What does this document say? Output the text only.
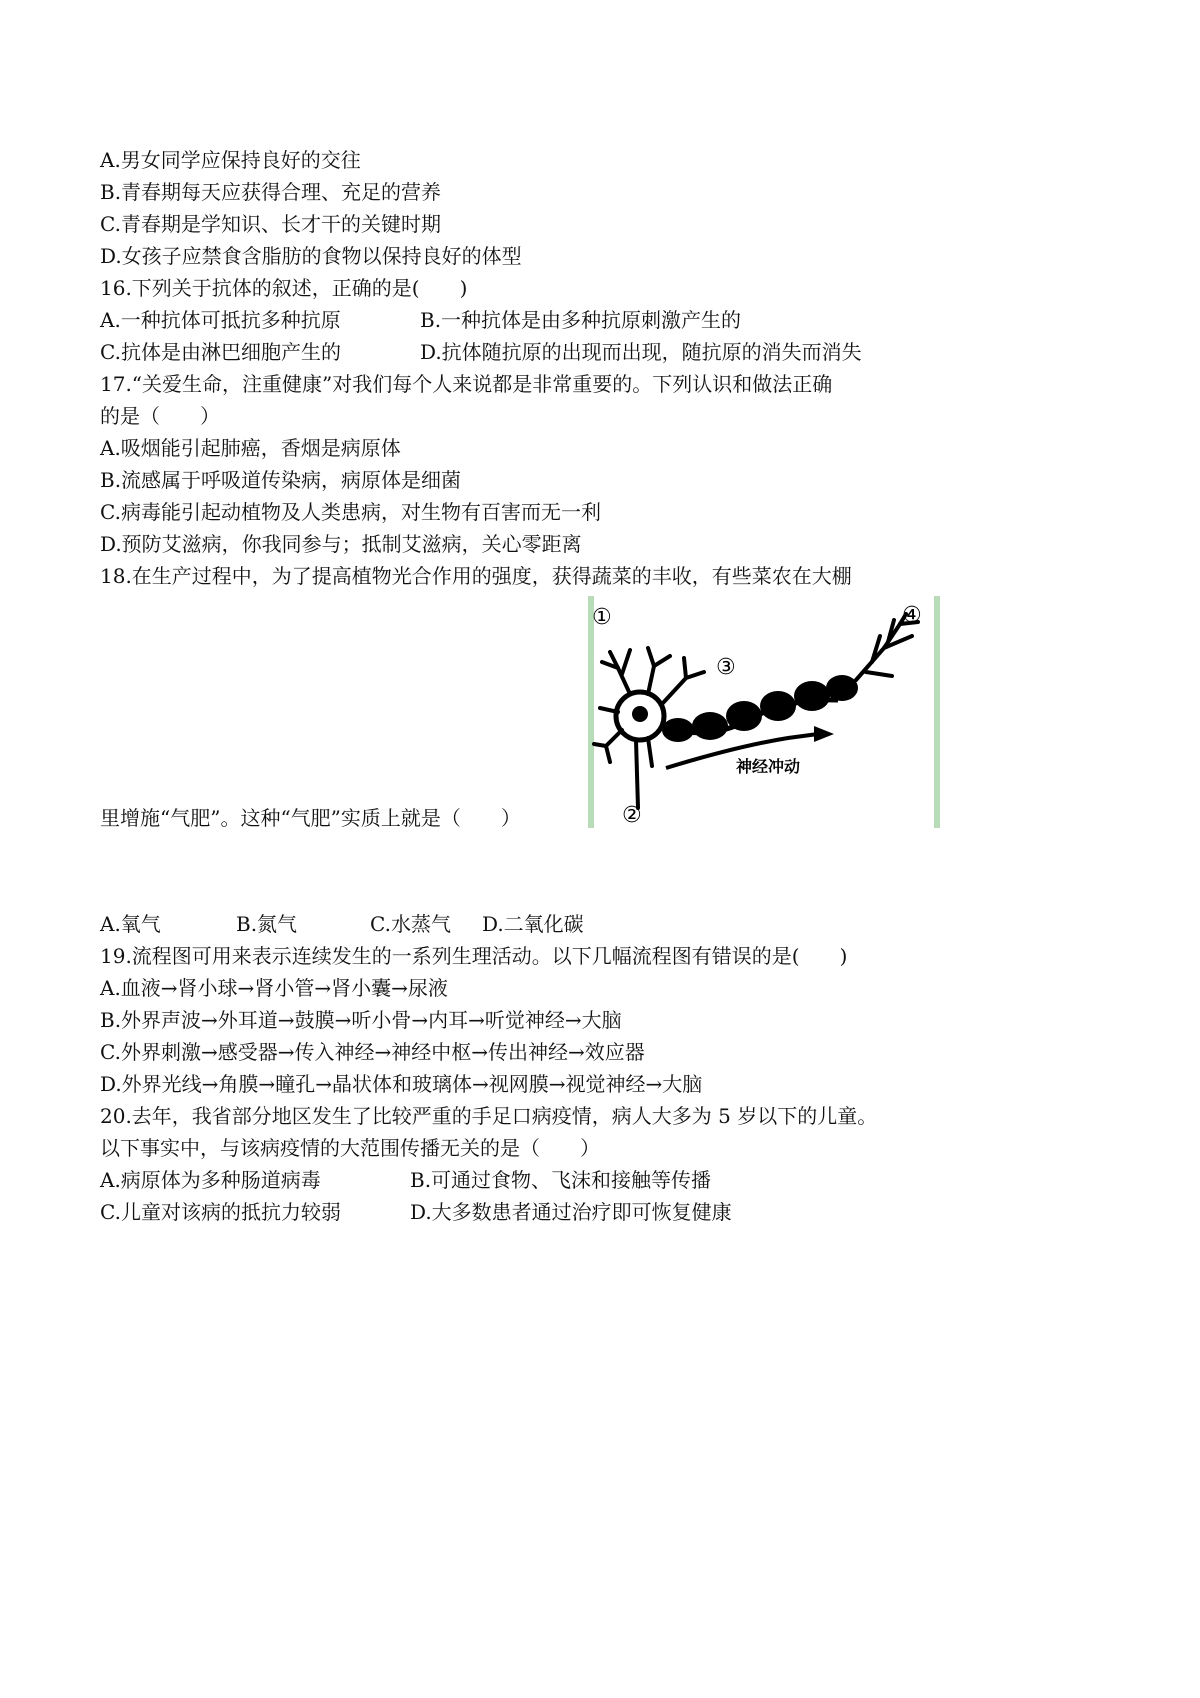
A.男女同学应保持良好的交往
B.青春期每天应获得合理、充足的营养
C.青春期是学知识、长才干的关键时期
D.女孩子应禁食含脂肪的食物以保持良好的体型
16.下列关于抗体的叙述，正确的是(　　)
A.一种抗体可抵抗多种抗原	B.一种抗体是由多种抗原刺激产生的
C.抗体是由淋巴细胞产生的	D.抗体随抗原的出现而出现，随抗原的消失而消失
17.“关爱生命，注重健康”对我们每个人来说都是非常重要的。下列认识和做法正确
的是（　　）
A.吸烟能引起肺癌，香烟是病原体
B.流感属于呼吸道传染病，病原体是细菌
C.病毒能引起动植物及人类患病，对生物有百害而无一利
D.预防艾滋病，你我同参与；抵制艾滋病，关心零距离
18.在生产过程中，为了提高植物光合作用的强度，获得蔬菜的丰收，有些菜农在大棚
里增施“气肥”。这种“气肥”实质上就是（　　）
①
②
③
④
神经冲动
A.氧气	B.氮气	C.水蒸气 D.二氧化碳
19.流程图可用来表示连续发生的一系列生理活动。以下几幅流程图有错误的是(　　)
A.血液→肾小球→肾小管→肾小囊→尿液
B.外界声波→外耳道→鼓膜→听小骨→内耳→听觉神经→大脑
C.外界刺激→感受器→传入神经→神经中枢→传出神经→效应器
D.外界光线→角膜→瞳孔→晶状体和玻璃体→视网膜→视觉神经→大脑
20.去年，我省部分地区发生了比较严重的手足口病疫情，病人大多为 5 岁以下的儿童。
以下事实中，与该病疫情的大范围传播无关的是（　　）
A.病原体为多种肠道病毒	B.可通过食物、飞沫和接触等传播
C.儿童对该病的抵抗力较弱	D.大多数患者通过治疗即可恢复健康
